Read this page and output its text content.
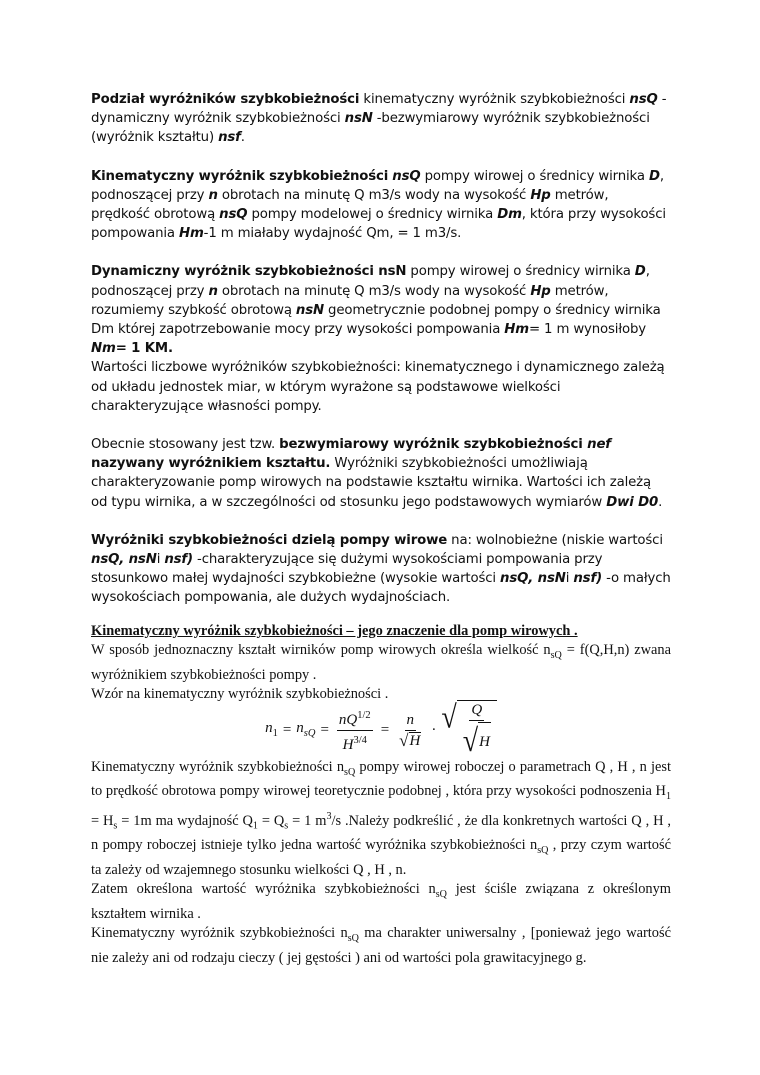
Podział wyróżników szybkobieżności kinematyczny wyróżnik szybkobieżności nsQ -dynamiczny wyróżnik szybkobieżności nsN -bezwymiarowy wyróżnik szybkobieżności (wyróżnik kształtu) nsf.

Kinematyczny wyróżnik szybkobieżności nsQ pompy wirowej o średnicy wirnika D, podnoszącej przy n obrotach na minutę Q m3/s wody na wysokość Hp metrów, prędkość obrotową nsQ pompy modelowej o średnicy wirnika Dm, która przy wysokości pompowania Hm-1 m miałaby wydajność Qm, = 1 m3/s.

Dynamiczny wyróżnik szybkobieżności nsN pompy wirowej o średnicy wirnika D, podnoszącej przy n obrotach na minutę Q m3/s wody na wysokość Hp metrów, rozumiemy szybkość obrotową nsN geometrycznie podobnej pompy o średnicy wirnika Dm której zapotrzebowanie mocy przy wysokości pompowania Hm= 1 m wynosiłoby Nm= 1 KM.

Wartości liczbowe wyróżników szybkobieżności: kinematycznego i dynamicznego zależą od układu jednostek miar, w którym wyrażone są podstawowe wielkości charakteryzujące własności pompy.

Obecnie stosowany jest tzw. bezwymiarowy wyróżnik szybkobieżności nef
nazywany wyróżnikiem kształtu. Wyróżniki szybkobieżności umożliwiają charakteryzowanie pomp wirowych na podstawie kształtu wirnika. Wartości ich zależą od typu wirnika, a w szczególności od stosunku jego podstawowych wymiarów Dwi D0.

Wyróżniki szybkobieżności dzielą pompy wirowe na: wolnobieżne (niskie wartości nsQ, nsNi nsf) -charakteryzujące się dużymi wysokościami pompowania przy stosunkowo małej wydajności szybkobieżne (wysokie wartości nsQ, nsNi nsf) -o małych wysokościach pompowania, ale dużych wydajnościach.

Kinematyczny wyróżnik szybkobieżności – jego znaczenie dla pomp wirowych .

W sposób jednoznaczny kształt wirników pomp wirowych określa wielkość $n_{sQ} = f(Q,H,n)$ zwana wyróżnikiem szybkobieżności pompy .

Wzór na kinematyczny wyróżnik szybkobieżności .

$n_1 = n_{sQ} = \frac{nQ^{1/2}}{H^{3/4}} = \frac{n}{√ H}$ · √ $\frac{Q}{√ H}$

Kinematyczny wyróżnik szybkobieżności $n_{sQ}$ pompy wirowej roboczej o parametrach Q , H , n jest to prędkość obrotowa pompy wirowej teoretycznie podobnej , która przy wysokości podnoszenia $H_1 = H_s = 1m$ ma wydajność $Q_1 = Q_s = 1$ $m^3/s$ .Należy podkreślić , że dla konkretnych wartości Q , H , n pompy roboczej istnieje tylko jedna wartość wyróżnika szybkobieżności $n_{sQ}$ , przy czym wartość ta zależy od wzajemnego stosunku wielkości Q , H , n.

Zatem określona wartość wyróżnika szybkobieżności $n_{sQ}$ jest ściśle związana z określonym kształtem wirnika .

Kinematyczny wyróżnik szybkobieżności $n_{sQ}$ ma charakter uniwersalny , [ponieważ jego wartość nie zależy ani od rodzaju cieczy ( jej gęstości ) ani od wartości pola grawitacyjnego g.
